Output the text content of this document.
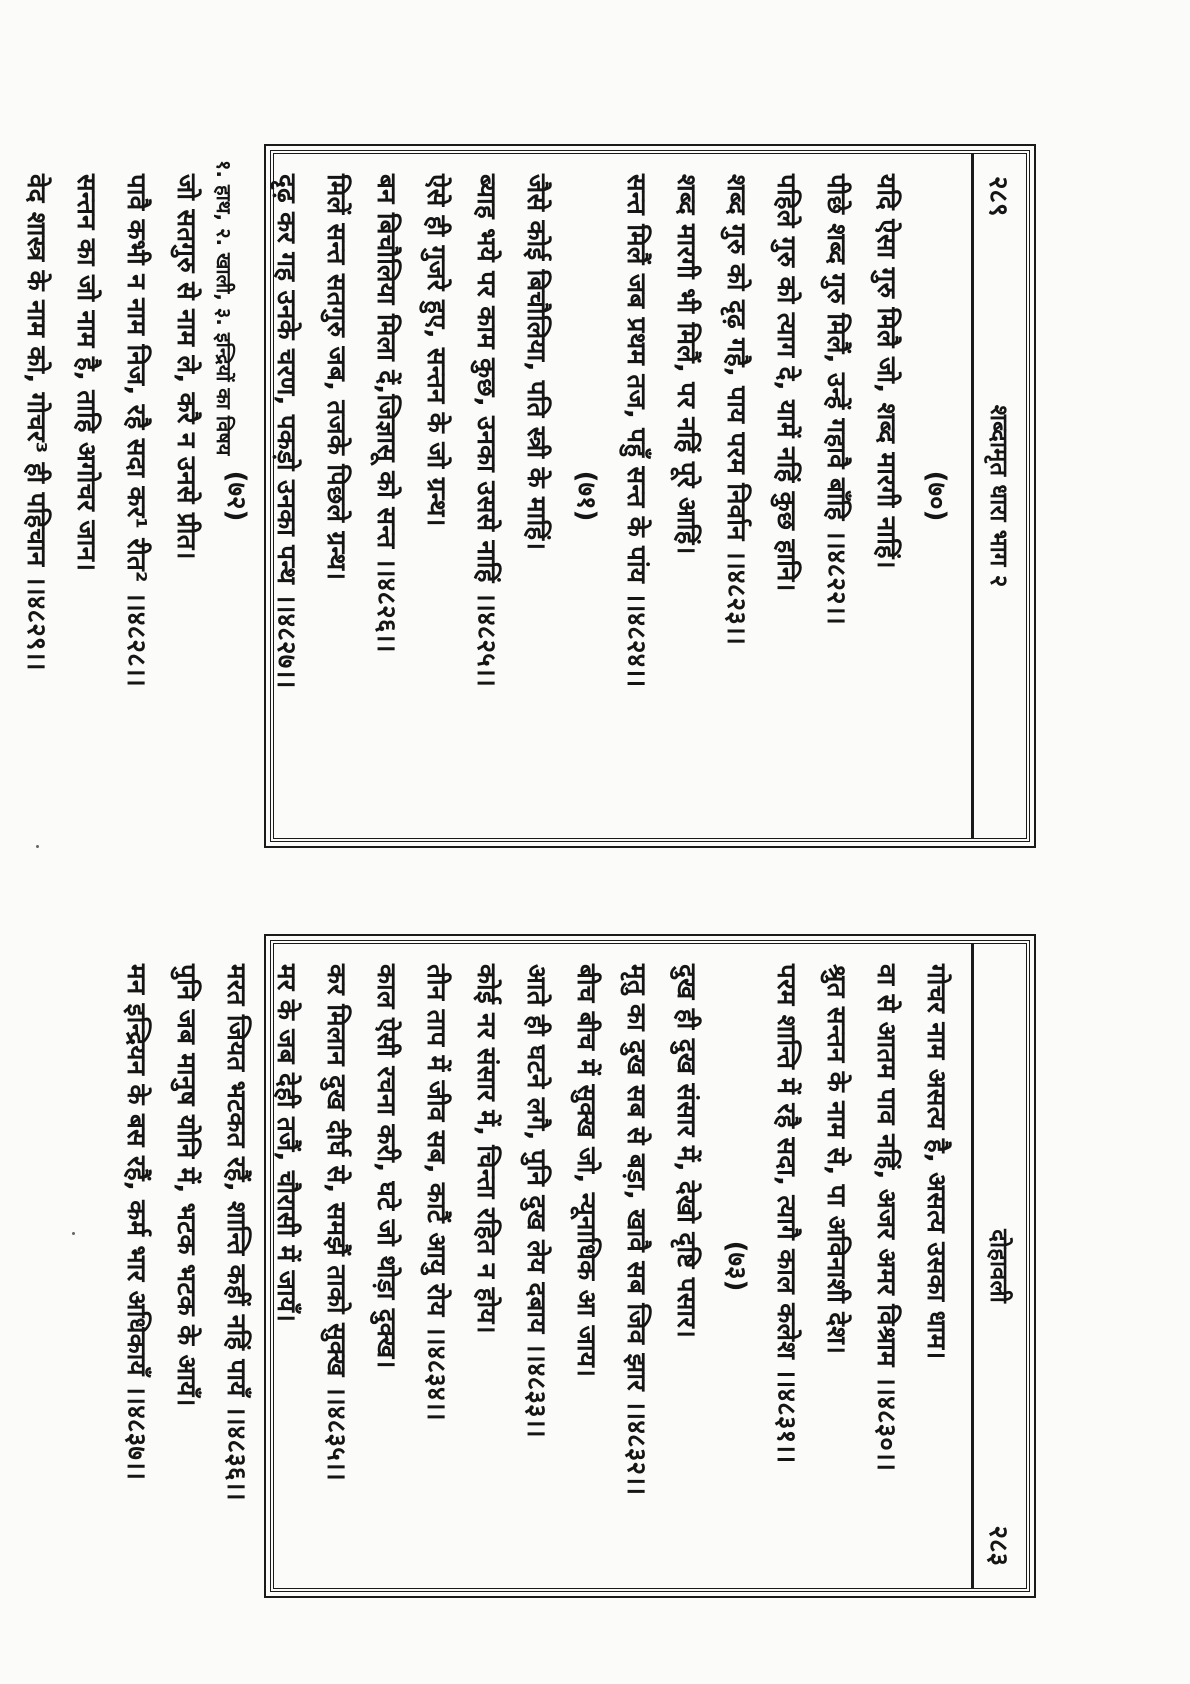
२८९
शब्दामृत धारा भाग २
(७०)
यदि ऐसा गुरु मिलै जो, शब्द मारगी नाहिं।
पीछे शब्द गुरु मिलैं, उन्हें गहावै बाँहि ।।४८२२।।
पहिले गुरु को त्याग दे, यामें नहिं कुछ हानि।
शब्द गुरु को दृढ़ गहै, पाय परम निर्वान ।।४८२३।।
शब्द मारगी भी मिलैं, पर नहिं पूरे आहिं।
सन्त मिलैं जब प्रथम तज, पहुँ सन्त के पांय ।।४८२४।।
(७१)
जैसे कोई बिचौलिया, पति स्त्री के माहिं।
ब्याह भये पर काम कुछ, उनका उससे नाहिं ।।४८२५।।
ऐसे ही गुजरे हुए, सन्तन के जो ग्रन्थ।
बन बिचौलिया मिला दें,जिज्ञासू को सन्त ।।४८२६।।
मिलें सन्त सतगुरु जब, तजके पिछले ग्रन्थ।
दृढ़ कर गह उनके चरण, पकड़ो उनका पन्थ ।।४८२७।।
(७२)
जो सतगुरु से नाम ले, करै न उनसे प्रीत।
पावै कभी न नाम निज, रहै सदा कर¹ रीत² ।।४८२८।।
सन्तन का जो नाम है, ताहि अगोचर जान।
वेद शास्त्र के नाम को, गोचर³ ही पहिचान ।।४८२९।।
दोहावली
२८३
गोचर नाम असत्य है, असत्य उसका धाम।
वा से आतम पाव नहिं, अजर अमर विश्राम ।।४८३०।।
श्रुत सन्तन के नाम से, पा अविनाशी देश।
परम शान्ति में रहै सदा, त्यागै काल कलेश ।।४८३१।।
(७३)
दुख ही दुख संसार में, देखो दृष्टि पसार।
मृतु का दुख सब से बड़ा, खावै सब जिव झार ।।४८३२।।
बीच बीच में सुक्ख जो, न्यूनाधिक आ जाय।
आते ही घटने लगै, पुनि दुख लेय दबाय ।।४८३३।।
कोई नर संसार में, चिन्ता रहित न होय।
तीन ताप में जीव सब, काटैं आयु रोय ।।४८३४।।
काल ऐसी रचना करी, घटे जो थोड़ा दुक्ख।
कर मिलान दुख दीर्घ से, समझैं ताको सुक्ख ।।४८३५।।
मर के जब देही तजैं, चौरासी में जायँ।
मरत जियत भटकत रहैं, शान्ति कहीं नहिं पायँ ।।४८३६।।
पुनि जब मानुष योनि में, भटक भटक के आयँ।
मन इन्द्रियन के बस रहैं, कर्म भार अधिकायँ ।।४८३७।।
१. हाथ, २. खाली, ३. इन्द्रियों का विषय
